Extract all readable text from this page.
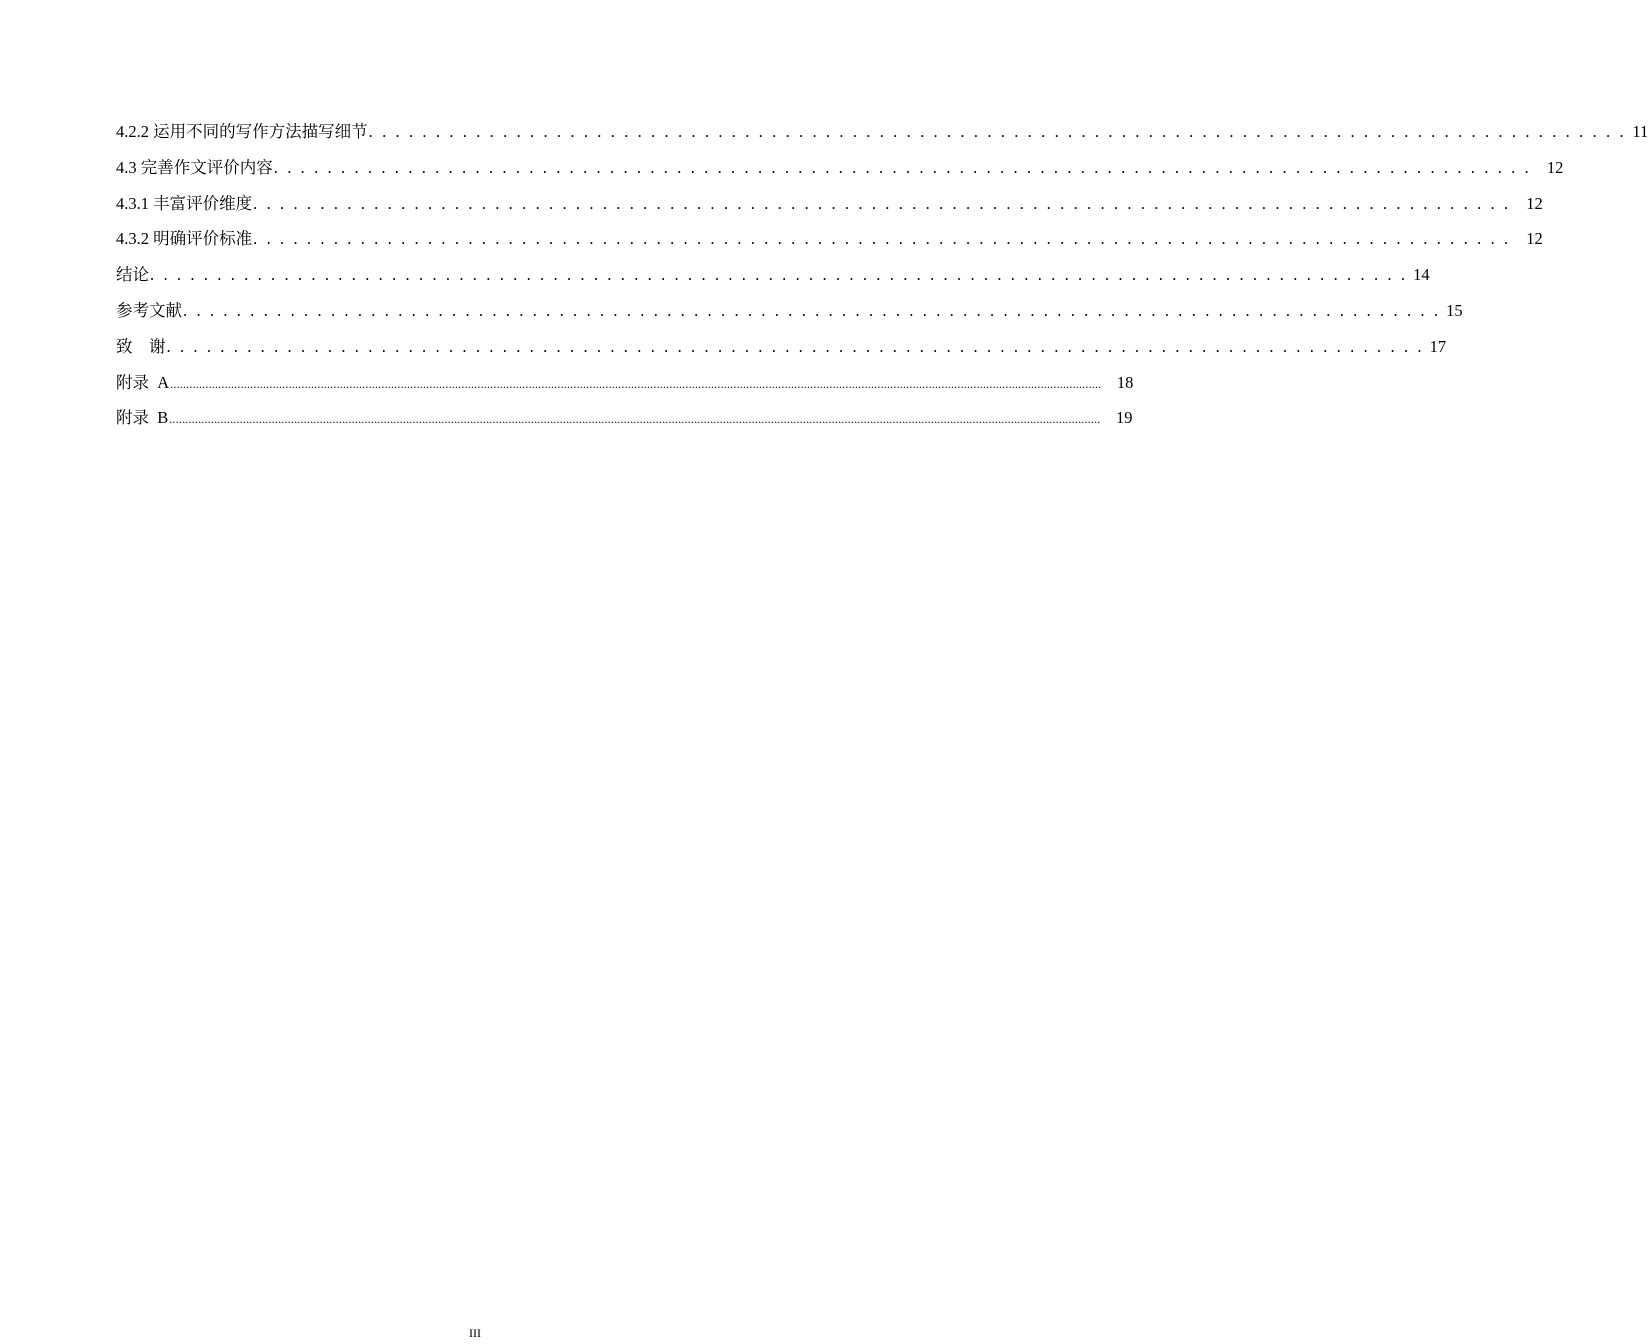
4.2.2 运用不同的写作方法描写细节 . . . . . . . . . . . . . . . . . . . . . . . . . . . . . . . . . . . . . . . . . . . . . . . . . . . . . . . . . . . . . . . . . . . . . . . . . . . . . . . . . . . . . . . . . . . . . . 11
4.3 完善作文评价内容 . . . . . . . . . . . . . . . . . . . . . . . . . . . . . . . . . . . . . . . . . . . . . . . . . . . . . . . . . . . . . . . . . . . . . . . . . . . . . . . . . . . . . . . . . . . . . . 12
4.3.1 丰富评价维度 . . . . . . . . . . . . . . . . . . . . . . . . . . . . . . . . . . . . . . . . . . . . . . . . . . . . . . . . . . . . . . . . . . . . . . . . . . . . . . . . . . . . . . . . . . . . . . 12
4.3.2 明确评价标准 . . . . . . . . . . . . . . . . . . . . . . . . . . . . . . . . . . . . . . . . . . . . . . . . . . . . . . . . . . . . . . . . . . . . . . . . . . . . . . . . . . . . . . . . . . . . . . 12
结论 . . . . . . . . . . . . . . . . . . . . . . . . . . . . . . . . . . . . . . . . . . . . . . . . . . . . . . . . . . . . . . . . . . . . . . . . . . . . . . . . . . . . . . . . . . . . . . 14
参考文献 . . . . . . . . . . . . . . . . . . . . . . . . . . . . . . . . . . . . . . . . . . . . . . . . . . . . . . . . . . . . . . . . . . . . . . . . . . . . . . . . . . . . . . . . . . . . . . 15
致    谢 . . . . . . . . . . . . . . . . . . . . . . . . . . . . . . . . . . . . . . . . . . . . . . . . . . . . . . . . . . . . . . . . . . . . . . . . . . . . . . . . . . . . . . . . . . . . . . 17
附录  A ................................................................................................................................................................................................................................................................................................... 18
附录  B ................................................................................................................................................................................................................................................................................................... 19
III
